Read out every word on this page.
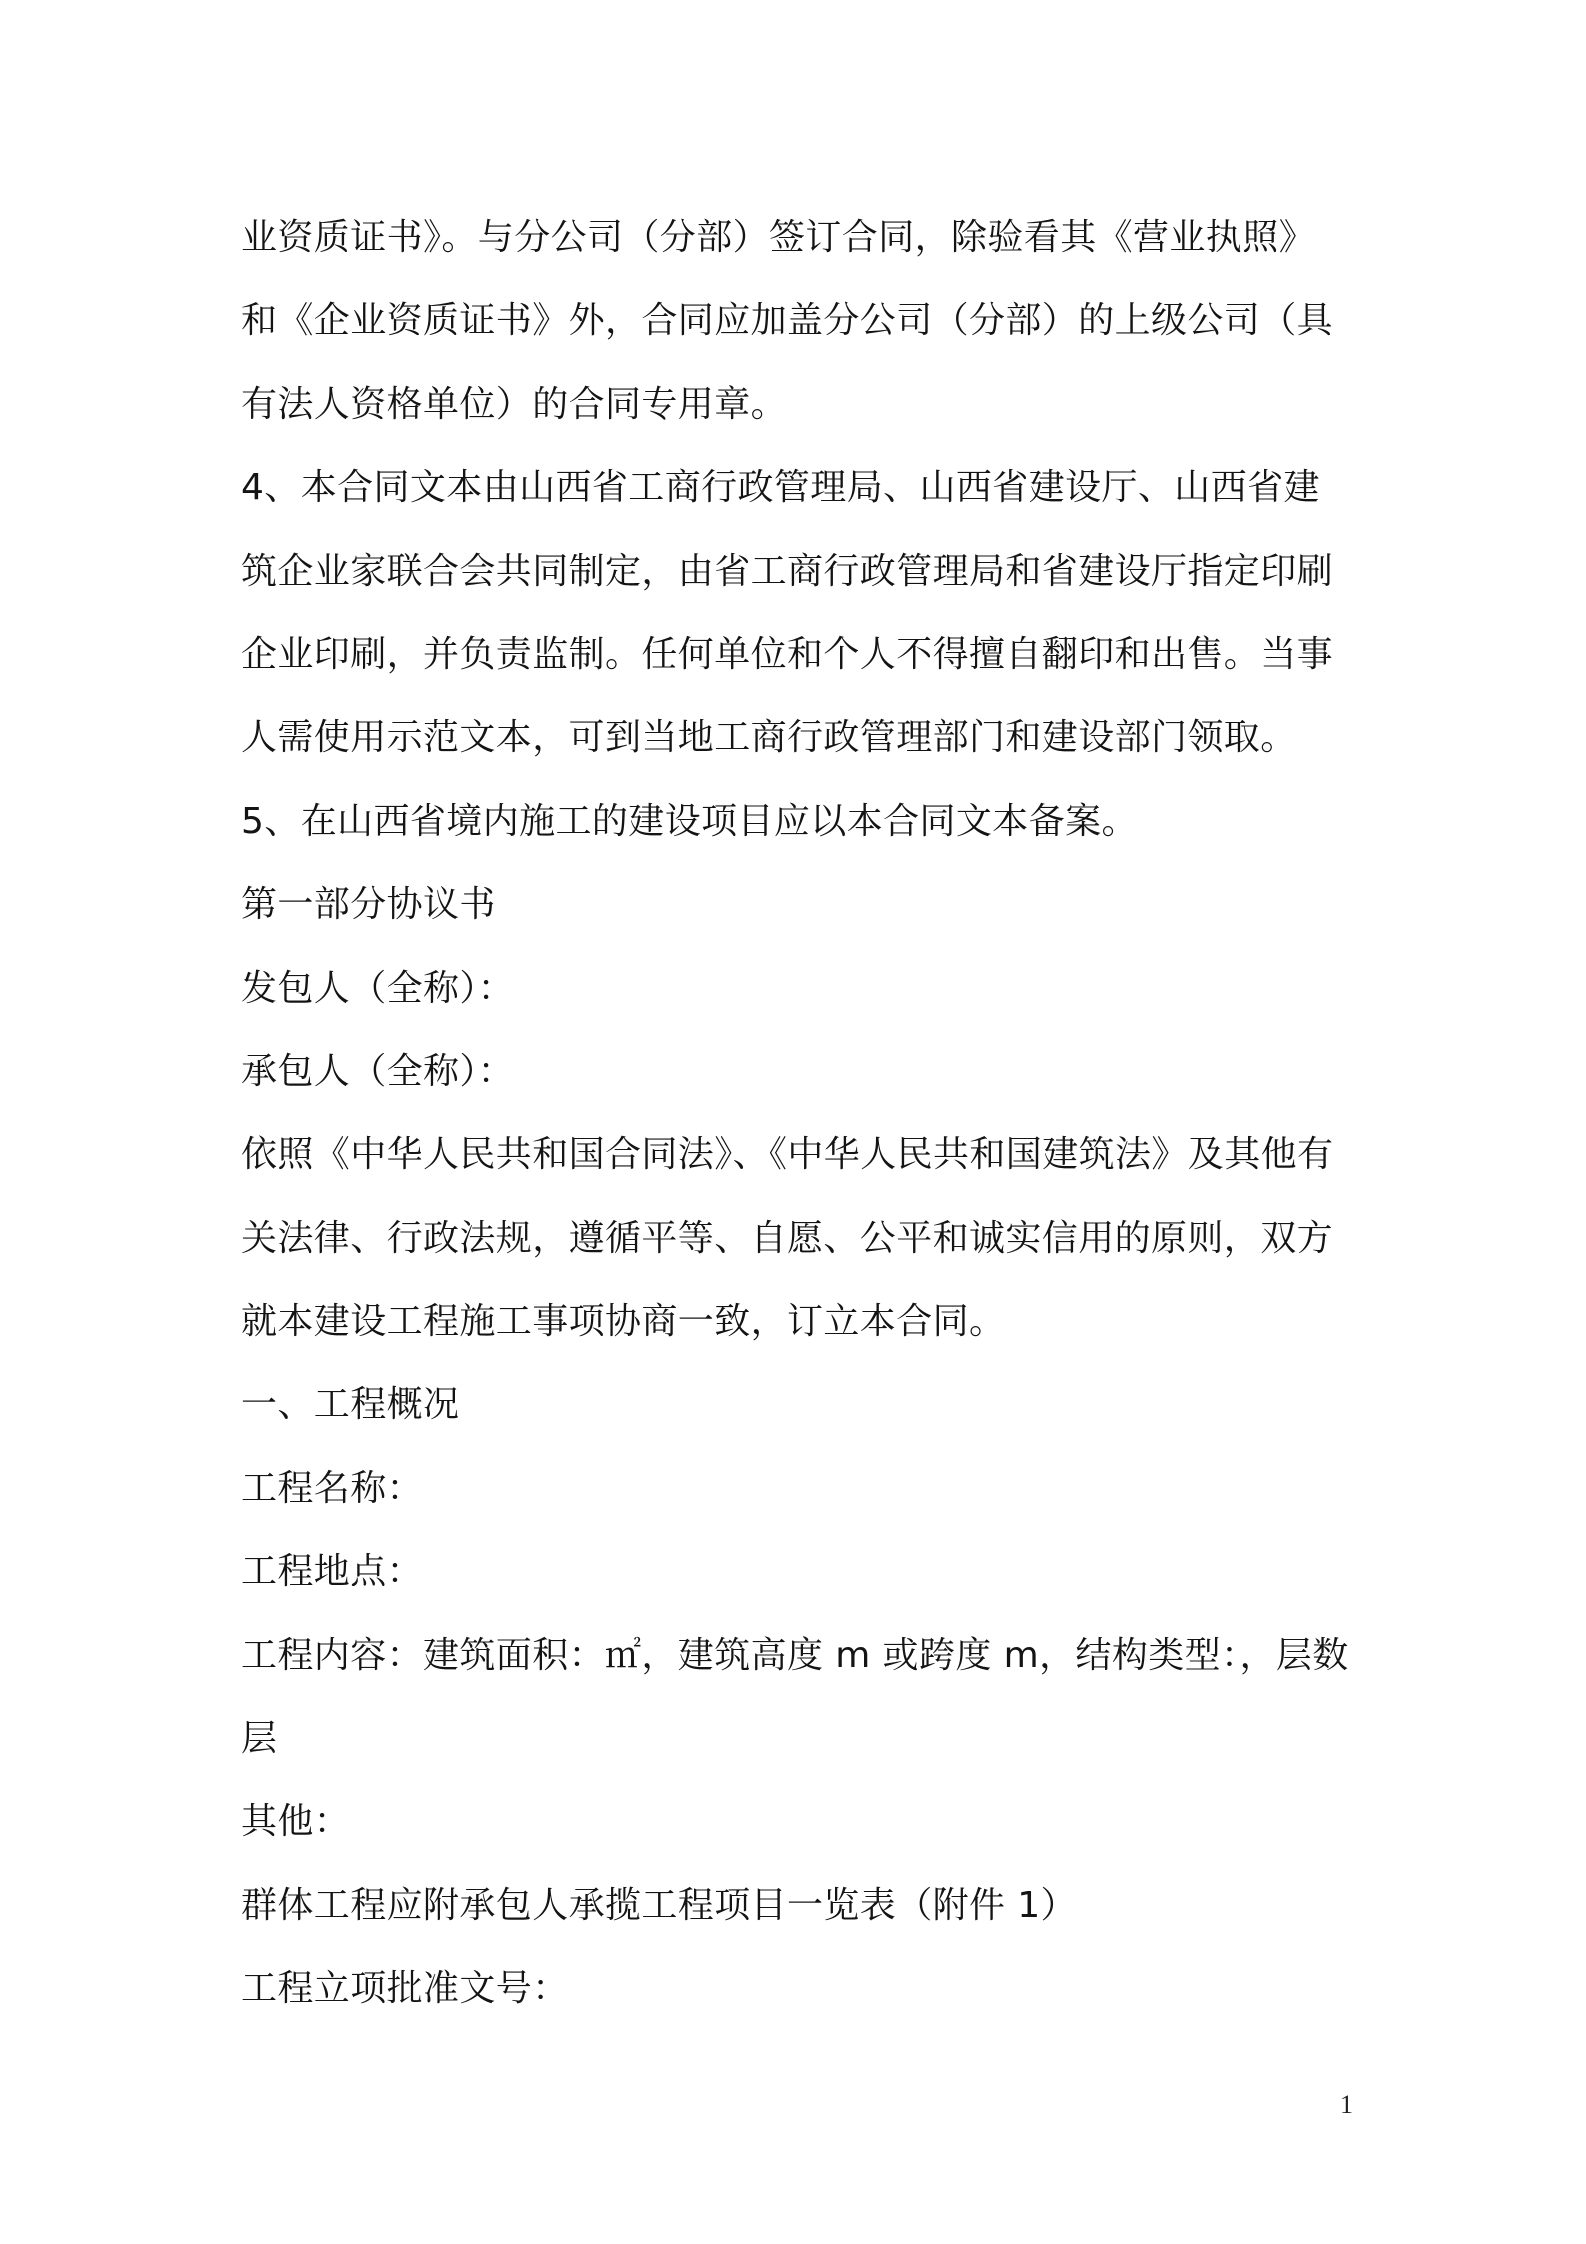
业资质证书》。与分公司（分部）签订合同，除验看其《营业执照》
和《企业资质证书》外，合同应加盖分公司（分部）的上级公司（具
有法人资格单位）的合同专用章。
4、本合同文本由山西省工商行政管理局、山西省建设厅、山西省建
筑企业家联合会共同制定，由省工商行政管理局和省建设厅指定印刷
企业印刷，并负责监制。任何单位和个人不得擅自翻印和出售。当事
人需使用示范文本，可到当地工商行政管理部门和建设部门领取。
5、在山西省境内施工的建设项目应以本合同文本备案。
第一部分协议书
发包人（全称）：
承包人（全称）：
依照《中华人民共和国合同法》、《中华人民共和国建筑法》及其他有
关法律、行政法规，遵循平等、自愿、公平和诚实信用的原则，双方
就本建设工程施工事项协商一致，订立本合同。
一、工程概况
工程名称：
工程地点：
工程内容：建筑面积：㎡，建筑高度 m 或跨度 m，结构类型：，层数
层
其他：
群体工程应附承包人承揽工程项目一览表（附件 1）
工程立项批准文号：
1
